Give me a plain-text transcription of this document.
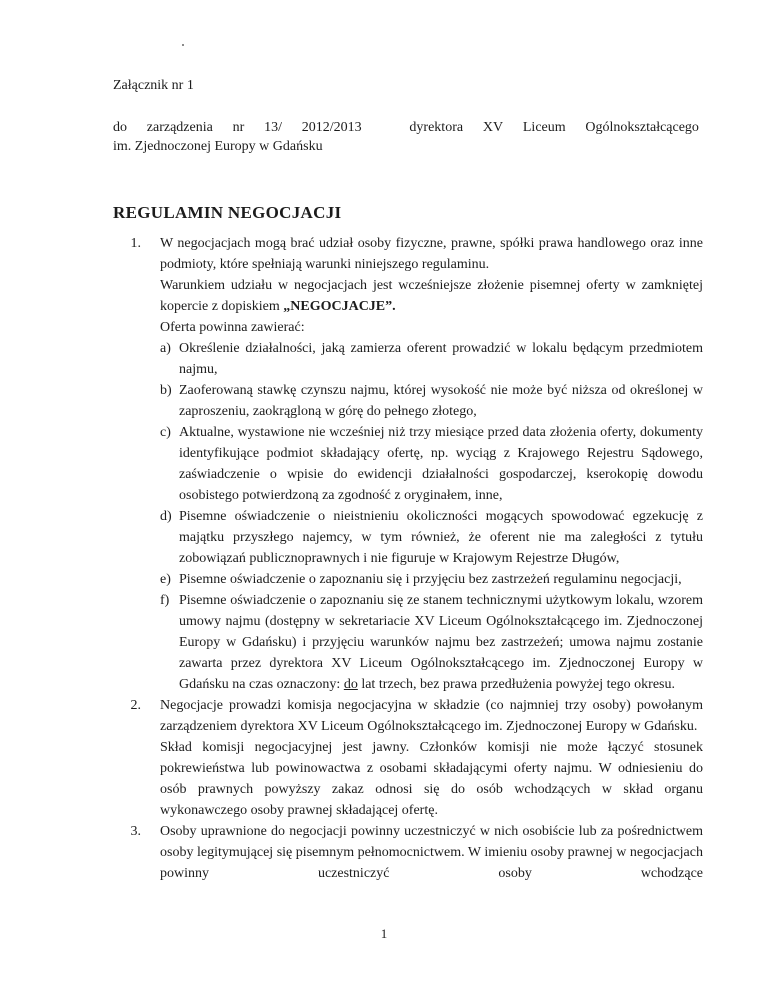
Załącznik nr 1
do zarządzenia nr 13/ 2012/2013	dyrektora XV Liceum Ogólnokształcącego
im. Zjednoczonej Europy w Gdańsku
REGULAMIN NEGOCJACJI
1. W negocjacjach mogą brać udział osoby fizyczne, prawne, spółki prawa handlowego oraz inne podmioty, które spełniają warunki niniejszego regulaminu.
Warunkiem udziału w negocjacjach jest wcześniejsze złożenie pisemnej oferty w zamkniętej kopercie z dopiskiem „NEGOCJACJE”.
Oferta powinna zawierać:
a) Określenie działalności, jaką zamierza oferent prowadzić w lokalu będącym przedmiotem najmu,
b) Zaoferowaną stawkę czynszu najmu, której wysokość nie może być niższa od określonej w zaproszeniu, zaokrągloną w górę do pełnego złotego,
c) Aktualne, wystawione nie wcześniej niż trzy miesiące przed data złożenia oferty, dokumenty identyfikujące podmiot składający ofertę, np. wyciąg z Krajowego Rejestru Sądowego, zaświadczenie o wpisie do ewidencji działalności gospodarczej, kserokopię dowodu osobistego potwierdzoną za zgodność z oryginałem, inne,
d) Pisemne oświadczenie o nieistnieniu okoliczności mogących spowodować egzekucję z majątku przyszłego najemcy, w tym również, że oferent nie ma zaległości z tytułu zobowiązań publicznoprawnych i nie figuruje w Krajowym Rejestrze Długów,
e) Pisemne oświadczenie o zapoznaniu się i przyjęciu bez zastrzeżeń regulaminu negocjacji,
f) Pisemne oświadczenie o zapoznaniu się ze stanem technicznymi użytkowym lokalu, wzorem umowy najmu (dostępny w sekretariacie XV Liceum Ogólnokształcącego im. Zjednoczonej Europy w Gdańsku) i przyjęciu warunków najmu bez zastrzeżeń; umowa najmu zostanie zawarta przez dyrektora XV Liceum Ogólnokształcącego im. Zjednoczonej Europy w Gdańsku na czas oznaczony: do lat trzech, bez prawa przedłużenia powyżej tego okresu.
2. Negocjacje prowadzi komisja negocjacyjna w składzie (co najmniej trzy osoby) powołanym zarządzeniem dyrektora XV Liceum Ogólnokształcącego im. Zjednoczonej Europy w Gdańsku.
Skład komisji negocjacyjnej jest jawny. Członków komisji nie może łączyć stosunek pokrewieństwa lub powinowactwa z osobami składającymi oferty najmu. W odniesieniu do osób prawnych powyższy zakaz odnosi się do osób wchodzących w skład organu wykonawczego osoby prawnej składającej ofertę.
3. Osoby uprawnione do negocjacji powinny uczestniczyć w nich osobiście lub za pośrednictwem osoby legitymującej się pisemnym pełnomocnictwem. W imieniu osoby prawnej w negocjacjach powinny uczestniczyć osoby wchodzące
1
